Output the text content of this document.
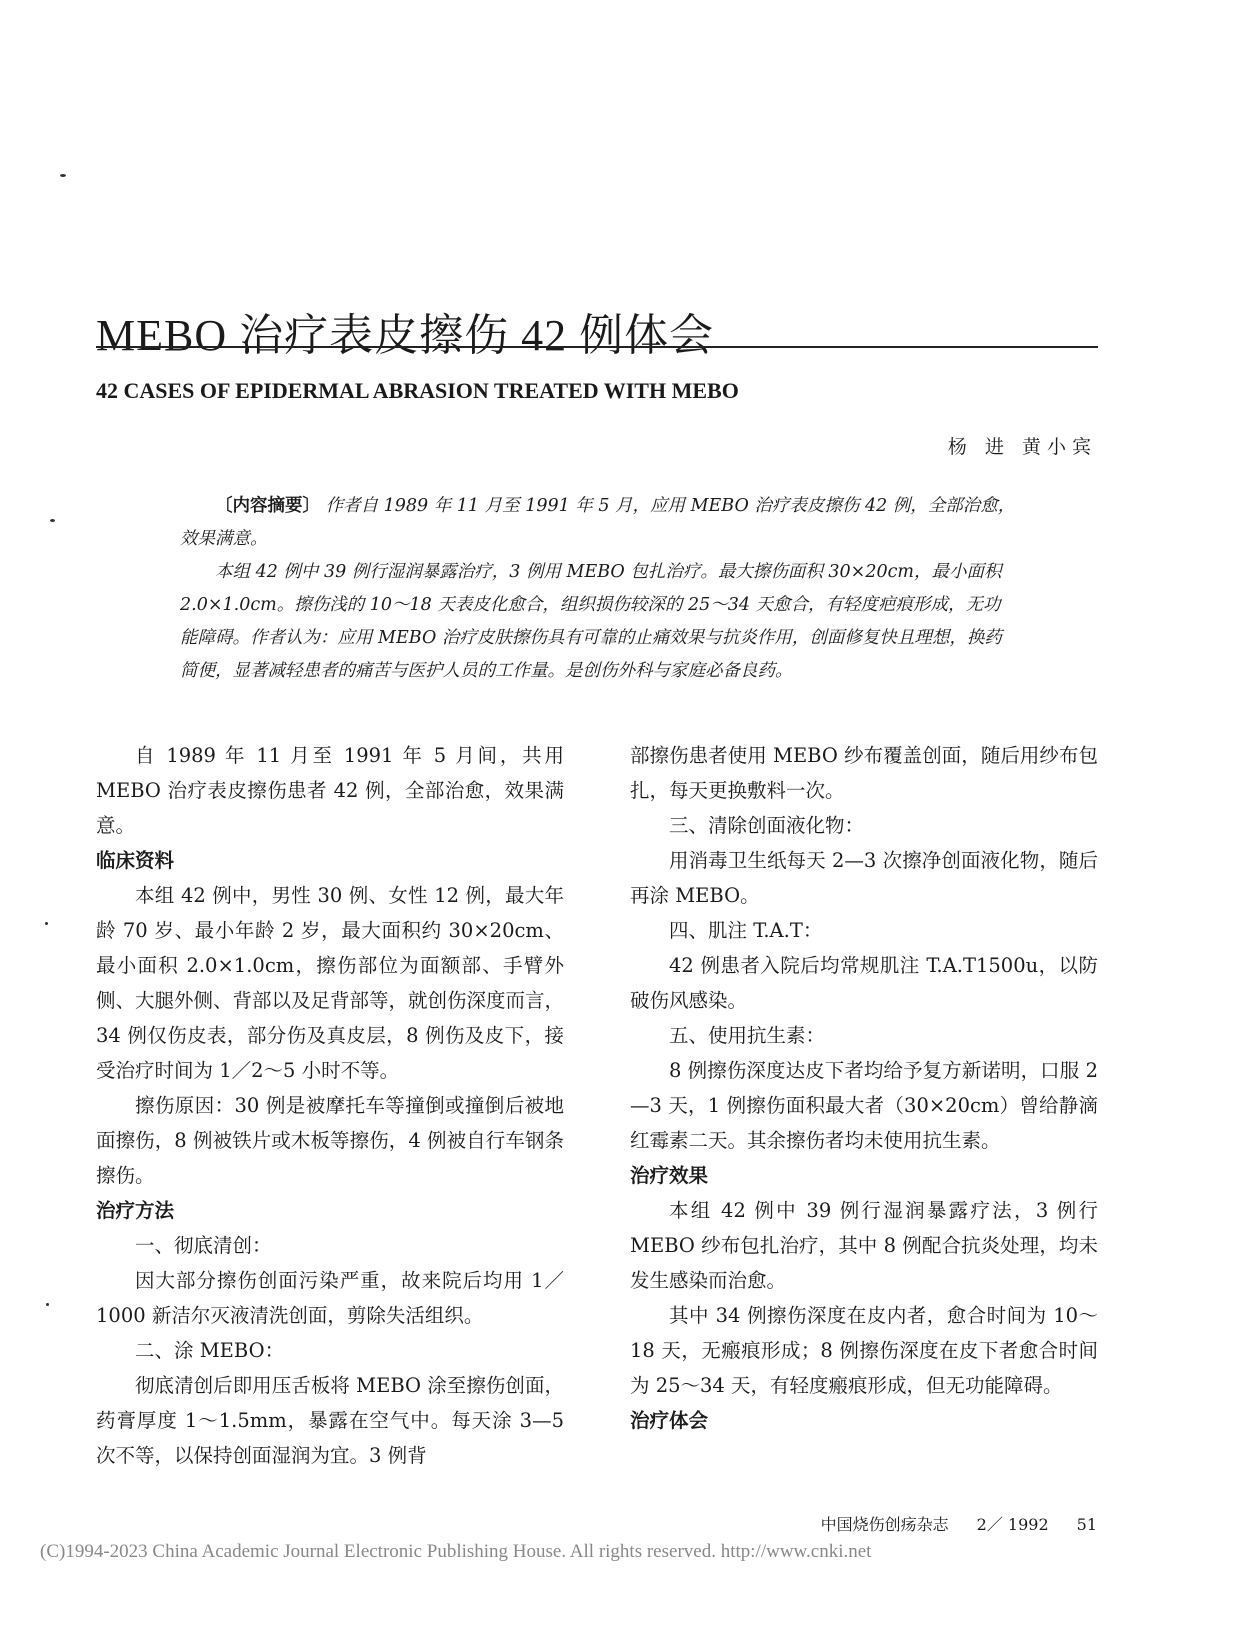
MEBO 治疗表皮擦伤 42 例体会
42 CASES OF EPIDERMAL ABRASION TREATED WITH MEBO
杨 进 黄小宾

〔内容摘要〕 作者自 1989 年 11 月至 1991 年 5 月，应用 MEBO 治疗表皮擦伤 42 例，全部治愈，效果满意。

本组 42 例中 39 例行湿润暴露治疗，3 例用 MEBO 包扎治疗。最大擦伤面积 30×20cm，最小面积 2.0×1.0cm。擦伤浅的 10～18 天表皮化愈合，组织损伤较深的 25～34 天愈合，有轻度疤痕形成，无功能障碍。作者认为：应用 MEBO 治疗皮肤擦伤具有可靠的止痛效果与抗炎作用，创面修复快且理想，换药简便，显著减轻患者的痛苦与医护人员的工作量。是创伤外科与家庭必备良药。

自 1989 年 11 月至 1991 年 5 月间，共用 MEBO 治疗表皮擦伤患者 42 例，全部治愈，效果满意。

临床资料

本组 42 例中，男性 30 例、女性 12 例，最大年龄 70 岁、最小年龄 2 岁，最大面积约 30×20cm、最小面积 2.0×1.0cm，擦伤部位为面额部、手臂外侧、大腿外侧、背部以及足背部等，就创伤深度而言，34 例仅伤皮表，部分伤及真皮层，8 例伤及皮下，接受治疗时间为 1／2～5 小时不等。

擦伤原因：30 例是被摩托车等撞倒或撞倒后被地面擦伤，8 例被铁片或木板等擦伤，4 例被自行车钢条擦伤。

治疗方法

一、彻底清创：

因大部分擦伤创面污染严重，故来院后均用 1／1000 新洁尔灭液清洗创面，剪除失活组织。

二、涂 MEBO：

彻底清创后即用压舌板将 MEBO 涂至擦伤创面，药膏厚度 1～1.5mm，暴露在空气中。每天涂 3—5 次不等，以保持创面湿润为宜。3 例背

部擦伤患者使用 MEBO 纱布覆盖创面，随后用纱布包扎，每天更换敷料一次。

三、清除创面液化物：

用消毒卫生纸每天 2—3 次擦净创面液化物，随后再涂 MEBO。

四、肌注 T.A.T：

42 例患者入院后均常规肌注 T.A.T1500u，以防破伤风感染。

五、使用抗生素：

8 例擦伤深度达皮下者均给予复方新诺明，口服 2—3 天，1 例擦伤面积最大者（30×20cm）曾给静滴红霉素二天。其余擦伤者均未使用抗生素。

治疗效果

本组 42 例中 39 例行湿润暴露疗法，3 例行 MEBO 纱布包扎治疗，其中 8 例配合抗炎处理，均未发生感染而治愈。

其中 34 例擦伤深度在皮内者，愈合时间为 10～18 天，无瘢痕形成；8 例擦伤深度在皮下者愈合时间为 25～34 天，有轻度瘢痕形成，但无功能障碍。

治疗体会
中国烧伤创疡杂志 2／ 1992 51
(C)1994-2023 China Academic Journal Electronic Publishing House. All rights reserved. http://www.cnki.net
